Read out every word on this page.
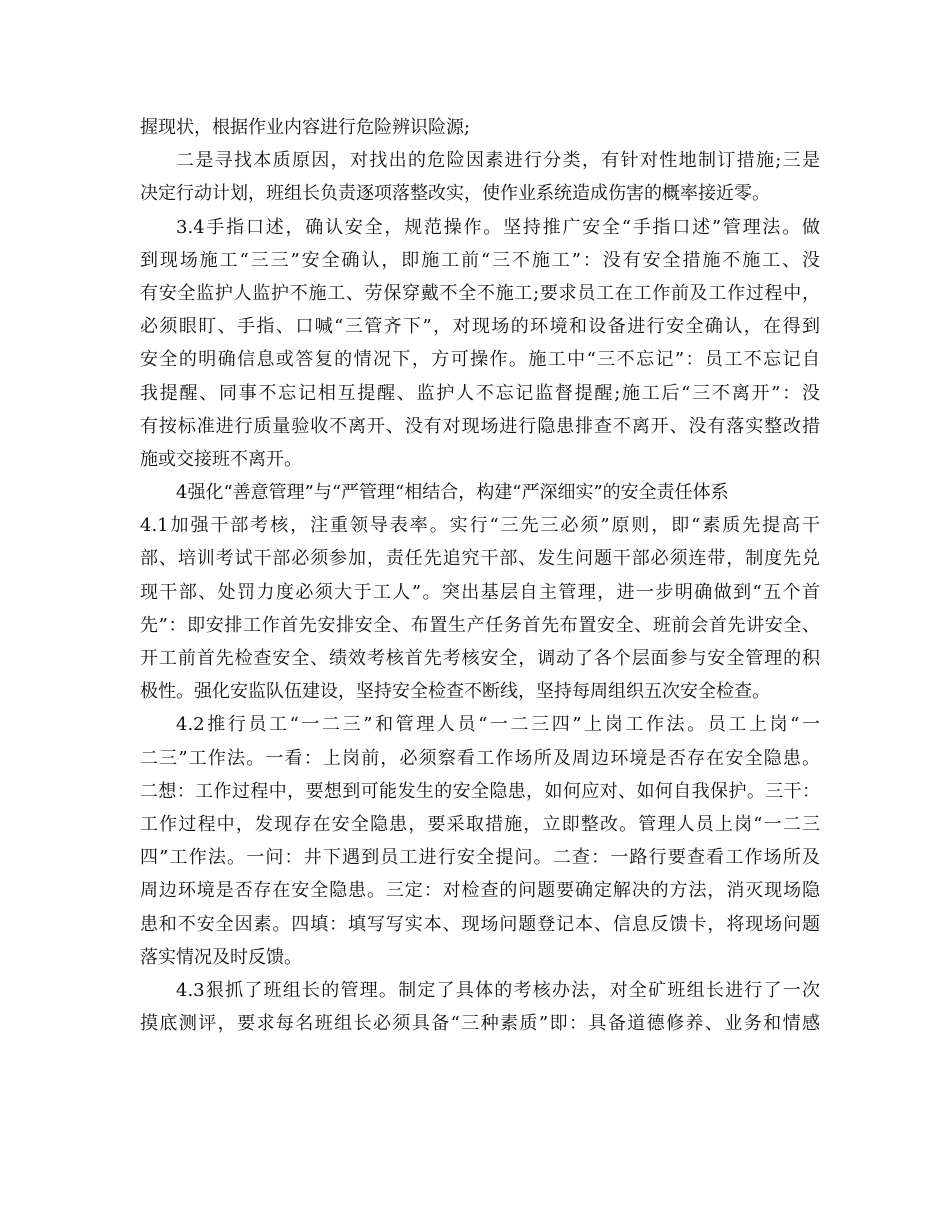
握现状，根据作业内容进行危险辨识险源;
二是寻找本质原因，对找出的危险因素进行分类，有针对性地制订措施;三是
决定行动计划，班组长负责逐项落整改实，使作业系统造成伤害的概率接近零。
3.4手指口述，确认安全，规范操作。坚持推广安全“手指口述”管理法。做
到现场施工“三三”安全确认，即施工前“三不施工”：没有安全措施不施工、没
有安全监护人监护不施工、劳保穿戴不全不施工;要求员工在工作前及工作过程中，
必须眼盯、手指、口喊“三管齐下”，对现场的环境和设备进行安全确认，在得到
安全的明确信息或答复的情况下，方可操作。施工中“三不忘记”：员工不忘记自
我提醒、同事不忘记相互提醒、监护人不忘记监督提醒;施工后“三不离开”：没
有按标准进行质量验收不离开、没有对现场进行隐患排查不离开、没有落实整改措
施或交接班不离开。
4强化“善意管理”与“严管理“相结合，构建“严深细实”的安全责任体系
4.1加强干部考核，注重领导表率。实行“三先三必须”原则，即“素质先提高干
部、培训考试干部必须参加，责任先追究干部、发生问题干部必须连带，制度先兑
现干部、处罚力度必须大于工人”。突出基层自主管理，进一步明确做到“五个首
先”：即安排工作首先安排安全、布置生产任务首先布置安全、班前会首先讲安全、
开工前首先检查安全、绩效考核首先考核安全，调动了各个层面参与安全管理的积
极性。强化安监队伍建设，坚持安全检查不断线，坚持每周组织五次安全检查。
4.2推行员工“一二三”和管理人员“一二三四”上岗工作法。员工上岗“一
二三”工作法。一看：上岗前，必须察看工作场所及周边环境是否存在安全隐患。
二想：工作过程中，要想到可能发生的安全隐患，如何应对、如何自我保护。三干：
工作过程中，发现存在安全隐患，要采取措施，立即整改。管理人员上岗“一二三
四”工作法。一问：井下遇到员工进行安全提问。二查：一路行要查看工作场所及
周边环境是否存在安全隐患。三定：对检查的问题要确定解决的方法，消灭现场隐
患和不安全因素。四填：填写写实本、现场问题登记本、信息反馈卡，将现场问题
落实情况及时反馈。
4.3狠抓了班组长的管理。制定了具体的考核办法，对全矿班组长进行了一次
摸底测评，要求每名班组长必须具备“三种素质”即：具备道德修养、业务和情感
